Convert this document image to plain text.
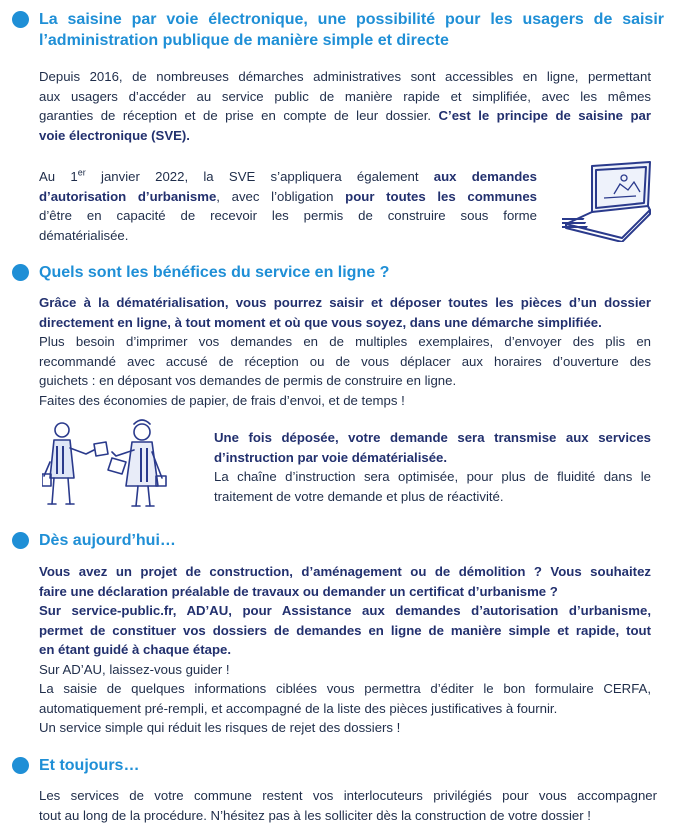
La saisine par voie électronique, une possibilité pour les usagers de saisir
l’administration publique de manière simple et directe
Depuis 2016, de nombreuses démarches administratives sont accessibles en ligne, permettant
aux usagers d’accéder au service public de manière rapide et simplifiée, avec les mêmes
garanties de réception et de prise en compte de leur dossier. C’est le principe de saisine par
voie électronique (SVE).
Au 1er janvier 2022, la SVE s’appliquera également aux demandes
d’autorisation d’urbanisme, avec l’obligation pour toutes les communes
d’être en capacité de recevoir les permis de construire sous forme
dématérialisée.
Quels sont les bénéfices du service en ligne ?
Grâce à la dématérialisation, vous pourrez saisir et déposer toutes les pièces d’un dossier
directement en ligne, à tout moment et où que vous soyez, dans une démarche simplifiée.
Plus besoin d’imprimer vos demandes en de multiples exemplaires, d’envoyer des plis en
recommandé avec accusé de réception ou de vous déplacer aux horaires d’ouverture des
guichets : en déposant vos demandes de permis de construire en ligne.
Faites des économies de papier, de frais d’envoi, et de temps !
Une fois déposée, votre demande sera transmise aux services
d’instruction par voie dématérialisée.
La chaîne d’instruction sera optimisée, pour plus de fluidité dans le
traitement de votre demande et plus de réactivité.
Dès aujourd’hui…
Vous avez un projet de construction, d’aménagement ou de démolition ? Vous souhaitez
faire une déclaration préalable de travaux ou demander un certificat d’urbanisme ?
Sur service-public.fr, AD’AU, pour Assistance aux demandes d’autorisation d’urbanisme,
permet de constituer vos dossiers de demandes en ligne de manière simple et rapide, tout
en étant guidé à chaque étape.
Sur AD’AU, laissez-vous guider !
La saisie de quelques informations ciblées vous permettra d’éditer le bon formulaire CERFA,
automatiquement pré-rempli, et accompagné de la liste des pièces justificatives à fournir.
Un service simple qui réduit les risques de rejet des dossiers !
Et toujours…
Les services de votre commune restent vos interlocuteurs privilégiés pour vous accompagner
tout au long de la procédure. N’hésitez pas à les solliciter dès la construction de votre dossier !
